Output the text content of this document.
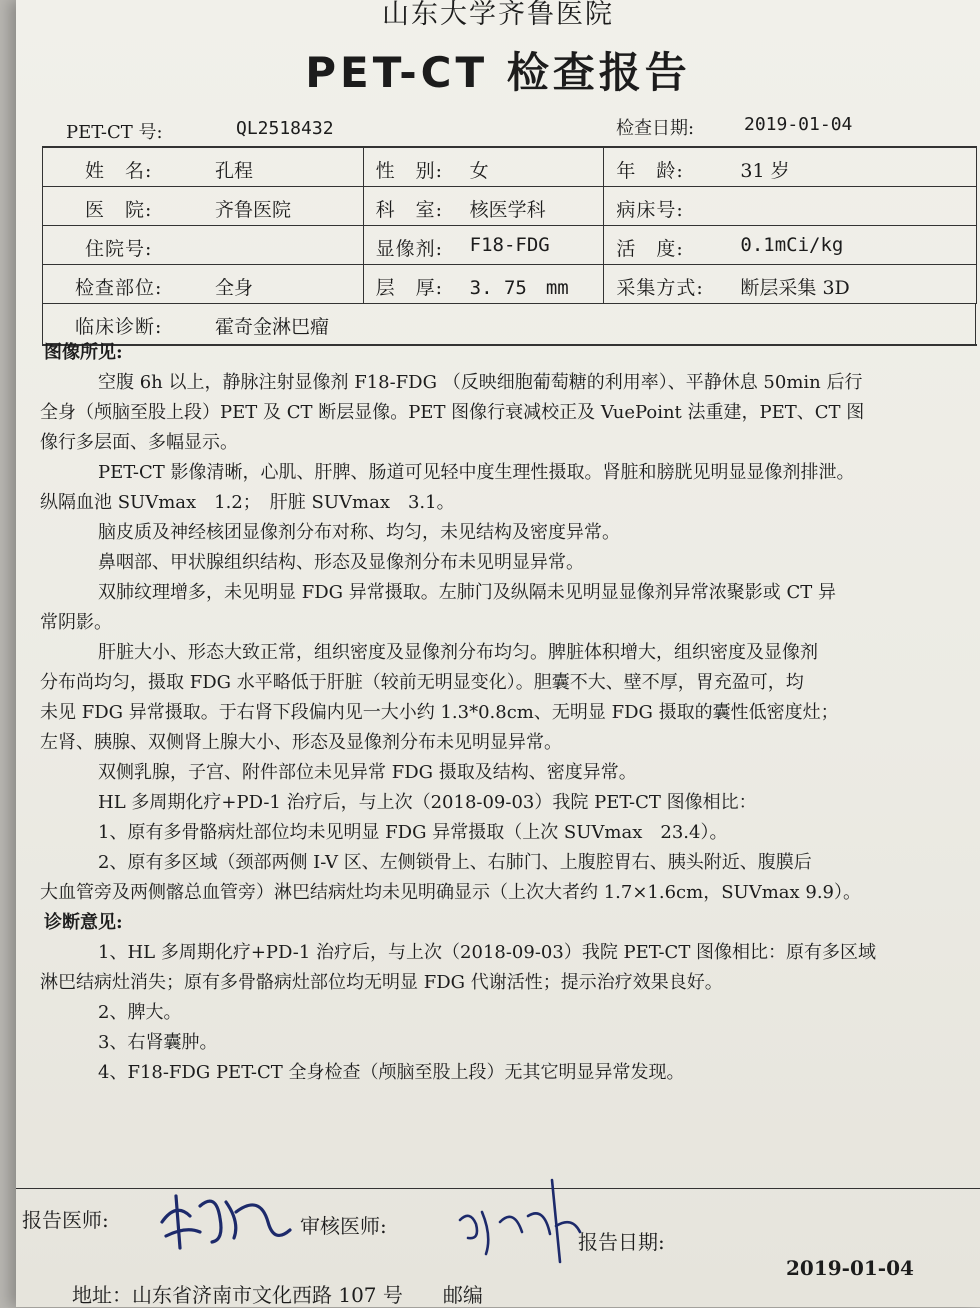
山东大学齐鲁医院
PET-CT 检查报告
PET-CT 号:	QL2518432	检查日期:	2019-01-04
姓　名:	孔程	性　别: 女	年　龄:	31 岁
医　院:	齐鲁医院	科　室: 核医学科	病床号:
住院号:	显像剂: F18-FDG	活　度:	0.1mCi/kg
检查部位:	全身	层　厚: 3. 75　mm	采集方式: 断层采集 3D
临床诊断:	霍奇金淋巴瘤
图像所见:

空腹 6h 以上，静脉注射显像剂 F18-FDG （反映细胞葡萄糖的利用率）、平静休息 50min 后行

全身（颅脑至股上段）PET 及 CT 断层显像。PET 图像行衰减校正及 VuePoint 法重建，PET、CT 图

像行多层面、多幅显示。

PET-CT 影像清晰，心肌、肝脾、肠道可见轻中度生理性摄取。肾脏和膀胱见明显显像剂排泄。

纵隔血池 SUVmax　1.2；　肝脏 SUVmax　3.1。

脑皮质及神经核团显像剂分布对称、均匀，未见结构及密度异常。

鼻咽部、甲状腺组织结构、形态及显像剂分布未见明显异常。

双肺纹理增多，未见明显 FDG 异常摄取。左肺门及纵隔未见明显显像剂异常浓聚影或 CT 异

常阴影。

肝脏大小、形态大致正常，组织密度及显像剂分布均匀。脾脏体积增大，组织密度及显像剂

分布尚均匀，摄取 FDG 水平略低于肝脏（较前无明显变化）。胆囊不大、壁不厚，胃充盈可，均

未见 FDG 异常摄取。于右肾下段偏内见一大小约 1.3*0.8cm、无明显 FDG 摄取的囊性低密度灶；

左肾、胰腺、双侧肾上腺大小、形态及显像剂分布未见明显异常。

双侧乳腺，子宫、附件部位未见异常 FDG 摄取及结构、密度异常。

HL 多周期化疗+PD-1 治疗后，与上次（2018-09-03）我院 PET-CT 图像相比：

1、原有多骨骼病灶部位均未见明显 FDG 异常摄取（上次 SUVmax　23.4）。

2、原有多区域（颈部两侧 I-V 区、左侧锁骨上、右肺门、上腹腔胃右、胰头附近、腹膜后

大血管旁及两侧髂总血管旁）淋巴结病灶均未见明确显示（上次大者约 1.7×1.6cm，SUVmax 9.9）。

诊断意见:

1、HL 多周期化疗+PD-1 治疗后，与上次（2018-09-03）我院 PET-CT 图像相比：原有多区域

淋巴结病灶消失；原有多骨骼病灶部位均无明显 FDG 代谢活性；提示治疗效果良好。

2、脾大。

3、右肾囊肿。

4、F18-FDG PET-CT 全身检查（颅脑至股上段）无其它明显异常发现。

报告医师:	审核医师:
报告日期:
2019-01-04
地址：山东省济南市文化西路 107 号　　邮编
